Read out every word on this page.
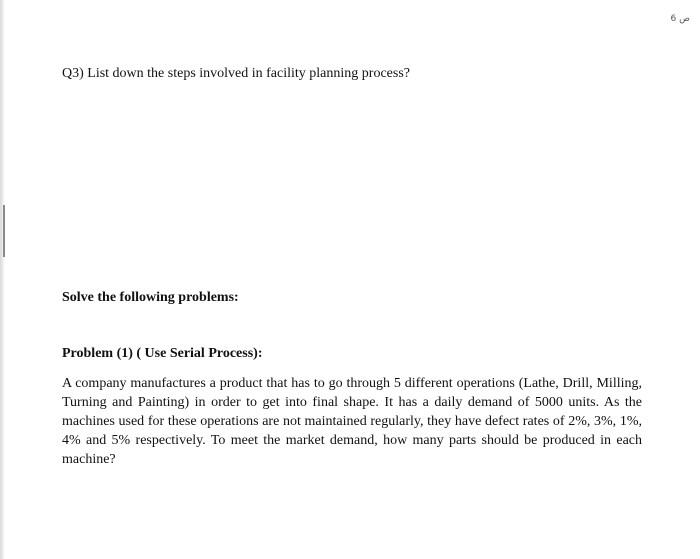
6 ص

Q3) List down the steps involved in facility planning process?

Solve the following problems:

Problem (1) ( Use Serial Process):

A company manufactures a product that has to go through 5 different operations (Lathe, Drill, Milling, Turning and Painting) in order to get into final shape. It has a daily demand of 5000 units. As the machines used for these operations are not maintained regularly, they have defect rates of 2%, 3%, 1%, 4% and 5% respectively. To meet the market demand, how many parts should be produced in each machine?
